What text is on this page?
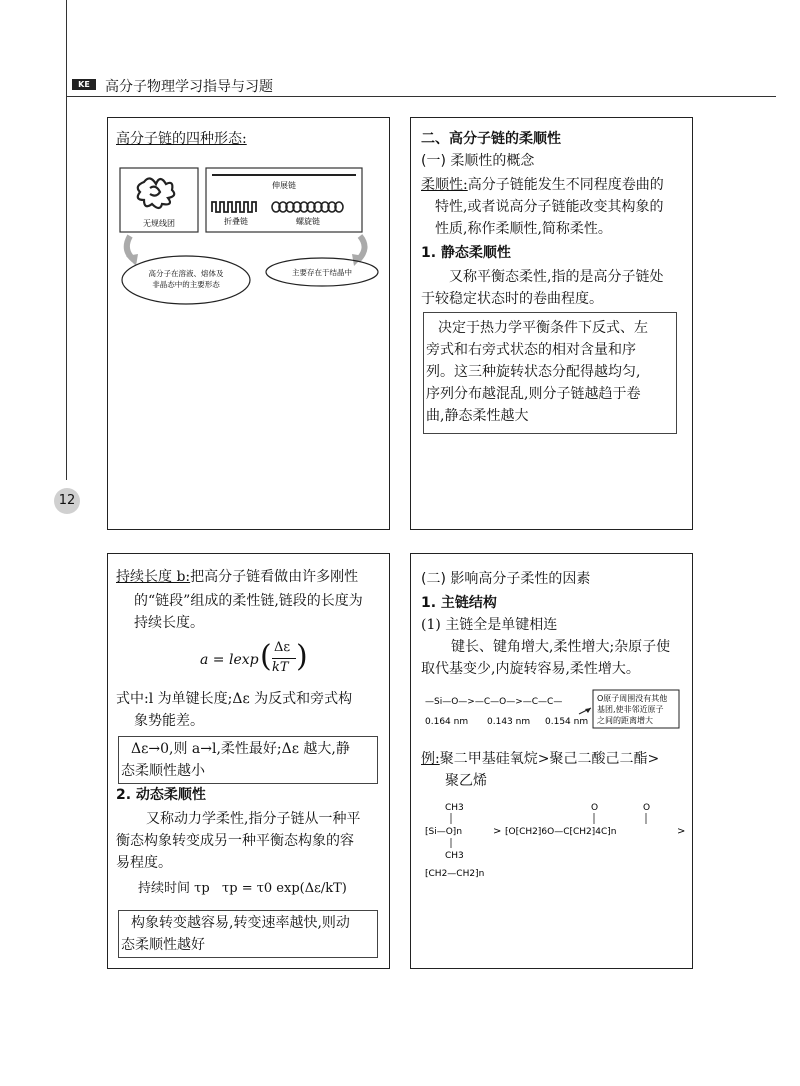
KE	高分子物理学习指导与习题
12
高分子链的四种形态:
无规线团
伸展链
折叠链	螺旋链
高分子在溶液、熔体及
非晶态中的主要形态
主要存在于结晶中
二、高分子链的柔顺性
(一) 柔顺性的概念
柔顺性:高分子链能发生不同程度卷曲的
特性,或者说高分子链能改变其构象的
性质,称作柔顺性,简称柔性。
1. 静态柔顺性
又称平衡态柔性,指的是高分子链处
于较稳定状态时的卷曲程度。
决定于热力学平衡条件下反式、左
旁式和右旁式状态的相对含量和序
列。这三种旋转状态分配得越均匀,
序列分布越混乱,则分子链越趋于卷
曲,静态柔性越大
持续长度 b:把高分子链看做由许多刚性
的“链段”组成的柔性链,链段的长度为
持续长度。
a = lexp ( Δε
kT )
式中:l 为单键长度;Δε 为反式和旁式构
象势能差。
Δε→0,则 a→l,柔性最好;Δε 越大,静
态柔顺性越小
2. 动态柔顺性
又称动力学柔性,指分子链从一种平
衡态构象转变成另一种平衡态构象的容
易程度。
持续时间 τp   τp = τ0 exp(Δε/kT)
构象转变越容易,转变速率越快,则动
态柔顺性越好
(二) 影响高分子柔性的因素
1. 主链结构
(1) 主链全是单键相连
键长、键角增大,柔性增大;杂原子使
取代基变少,内旋转容易,柔性增大。
—Si—O—>—C—O—>—C—C—
0.164 nm 0.143 nm 0.154 nm
O原子周围没有其他
基团,使非邻近原子
之间的距离增大
例:聚二甲基硅氧烷>聚己二酸己二酯>
聚乙烯
CH3
⁅Si—O⁆n
CH3
>
O	O
⁅O⁅CH2⁆6O—C⁅CH2⁆4C⁆n	>
⁅CH2—CH2⁆n
